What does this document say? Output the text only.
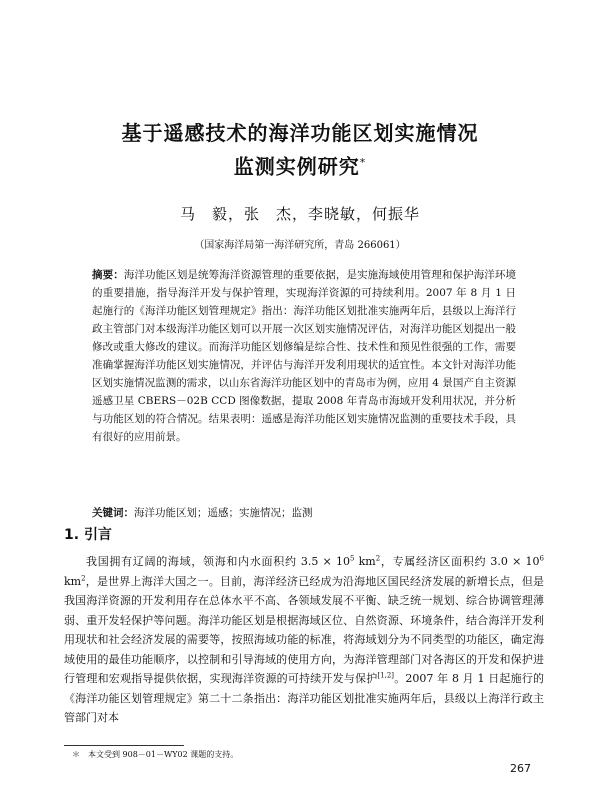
基于遥感技术的海洋功能区划实施情况
监测实例研究*
马　毅，张　杰，李晓敏，何振华
（国家海洋局第一海洋研究所，青岛 266061）
摘要：海洋功能区划是统筹海洋资源管理的重要依据，是实施海域使用管理和保护海洋环境的重要措施，指导海洋开发与保护管理，实现海洋资源的可持续利用。2007 年 8 月 1 日起施行的《海洋功能区划管理规定》指出：海洋功能区划批准实施两年后，县级以上海洋行政主管部门对本级海洋功能区划可以开展一次区划实施情况评估，对海洋功能区划提出一般修改或重大修改的建议。而海洋功能区划修编是综合性、技术性和预见性很强的工作，需要准确掌握海洋功能区划实施情况，并评估与海洋开发利用现状的适宜性。本文针对海洋功能区划实施情况监测的需求，以山东省海洋功能区划中的青岛市为例，应用 4 景国产自主资源遥感卫星 CBERS－02B CCD 图像数据，提取 2008 年青岛市海域开发利用状况，并分析与功能区划的符合情况。结果表明：遥感是海洋功能区划实施情况监测的重要技术手段，具有很好的应用前景。
关键词：海洋功能区划；遥感；实施情况；监测
1. 引言
我国拥有辽阔的海域，领海和内水面积约 $3.5 \times 10^5$ $km^2$，专属经济区面积约 $3.0 \times 10^6$ $km^2$，是世界上海洋大国之一。目前，海洋经济已经成为沿海地区国民经济发展的新增长点，但是我国海洋资源的开发利用存在总体水平不高、各领域发展不平衡、缺乏统一规划、综合协调管理薄弱、重开发轻保护等问题。海洋功能区划是根据海域区位、自然资源、环境条件，结合海洋开发利用现状和社会经济发展的需要等，按照海域功能的标准，将海域划分为不同类型的功能区，确定海域使用的最佳功能顺序，以控制和引导海域的使用方向，为海洋管理部门对各海区的开发和保护进行管理和宏观指导提供依据，实现海洋资源的可持续开发与保护[1,2]。2007 年 8 月 1 日起施行的《海洋功能区划管理规定》第二十二条指出：海洋功能区划批准实施两年后，县级以上海洋行政主管部门对本
＊　本文受到 908－01－WY02 课题的支持。
267
